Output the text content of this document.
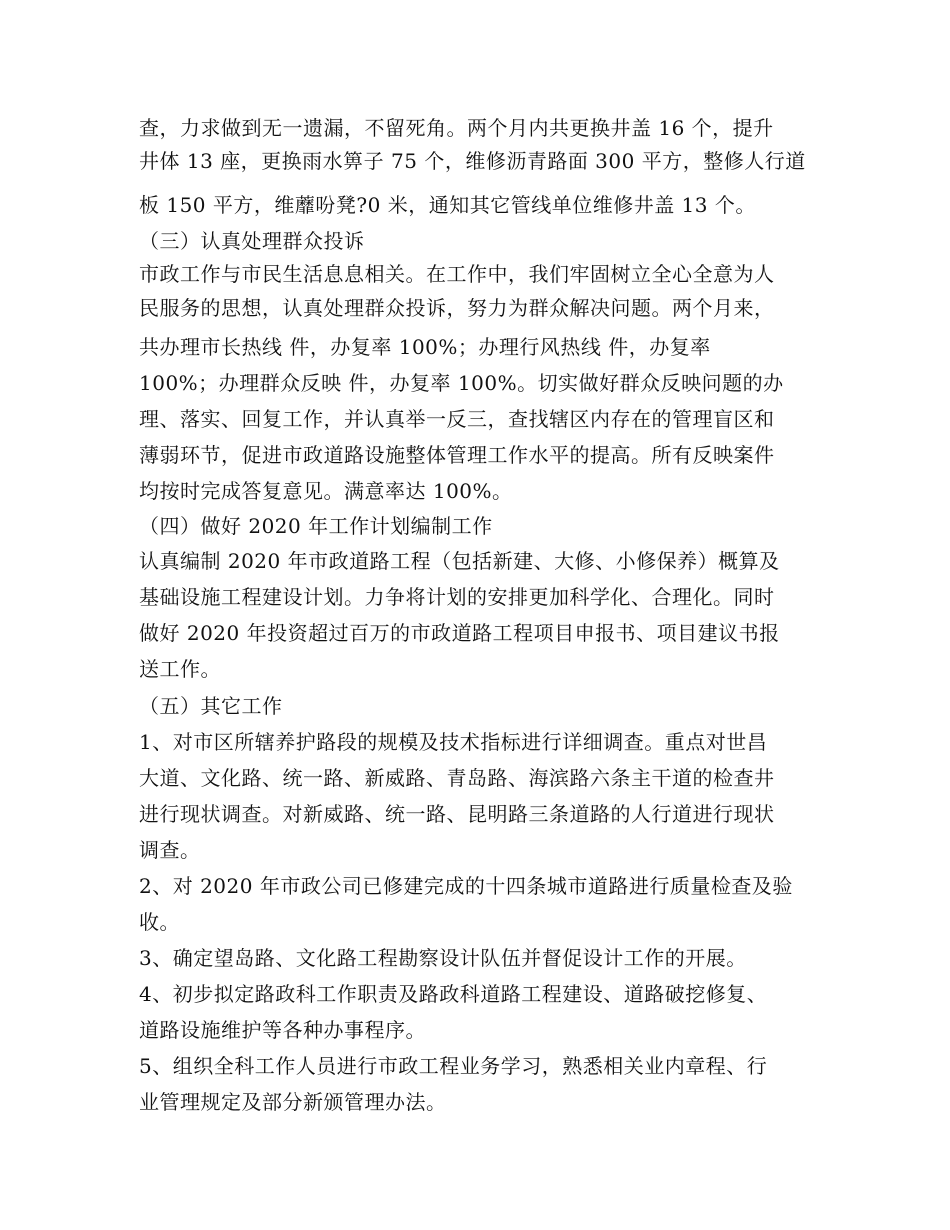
查，力求做到无一遗漏，不留死角。两个月内共更换井盖 16 个，提升
井体 13 座，更换雨水箅子 75 个，维修沥青路面 300 平方，整修人行道
板 150 平方，维蘼吩凳?0 米，通知其它管线单位维修井盖 13 个。
（三）认真处理群众投诉
市政工作与市民生活息息相关。在工作中，我们牢固树立全心全意为人
民服务的思想，认真处理群众投诉，努力为群众解决问题。两个月来，
共办理市长热线 件，办复率 100%；办理行风热线 件，办复率
100%；办理群众反映 件，办复率 100%。切实做好群众反映问题的办
理、落实、回复工作，并认真举一反三，查找辖区内存在的管理盲区和
薄弱环节，促进市政道路设施整体管理工作水平的提高。所有反映案件
均按时完成答复意见。满意率达 100%。
（四）做好 2020 年工作计划编制工作
认真编制 2020 年市政道路工程（包括新建、大修、小修保养）概算及
基础设施工程建设计划。力争将计划的安排更加科学化、合理化。同时
做好 2020 年投资超过百万的市政道路工程项目申报书、项目建议书报
送工作。
（五）其它工作
1、对市区所辖养护路段的规模及技术指标进行详细调查。重点对世昌
大道、文化路、统一路、新威路、青岛路、海滨路六条主干道的检查井
进行现状调查。对新威路、统一路、昆明路三条道路的人行道进行现状
调查。
2、对 2020 年市政公司已修建完成的十四条城市道路进行质量检查及验
收。
3、确定望岛路、文化路工程勘察设计队伍并督促设计工作的开展。
4、初步拟定路政科工作职责及路政科道路工程建设、道路破挖修复、
道路设施维护等各种办事程序。
5、组织全科工作人员进行市政工程业务学习，熟悉相关业内章程、行
业管理规定及部分新颁管理办法。
